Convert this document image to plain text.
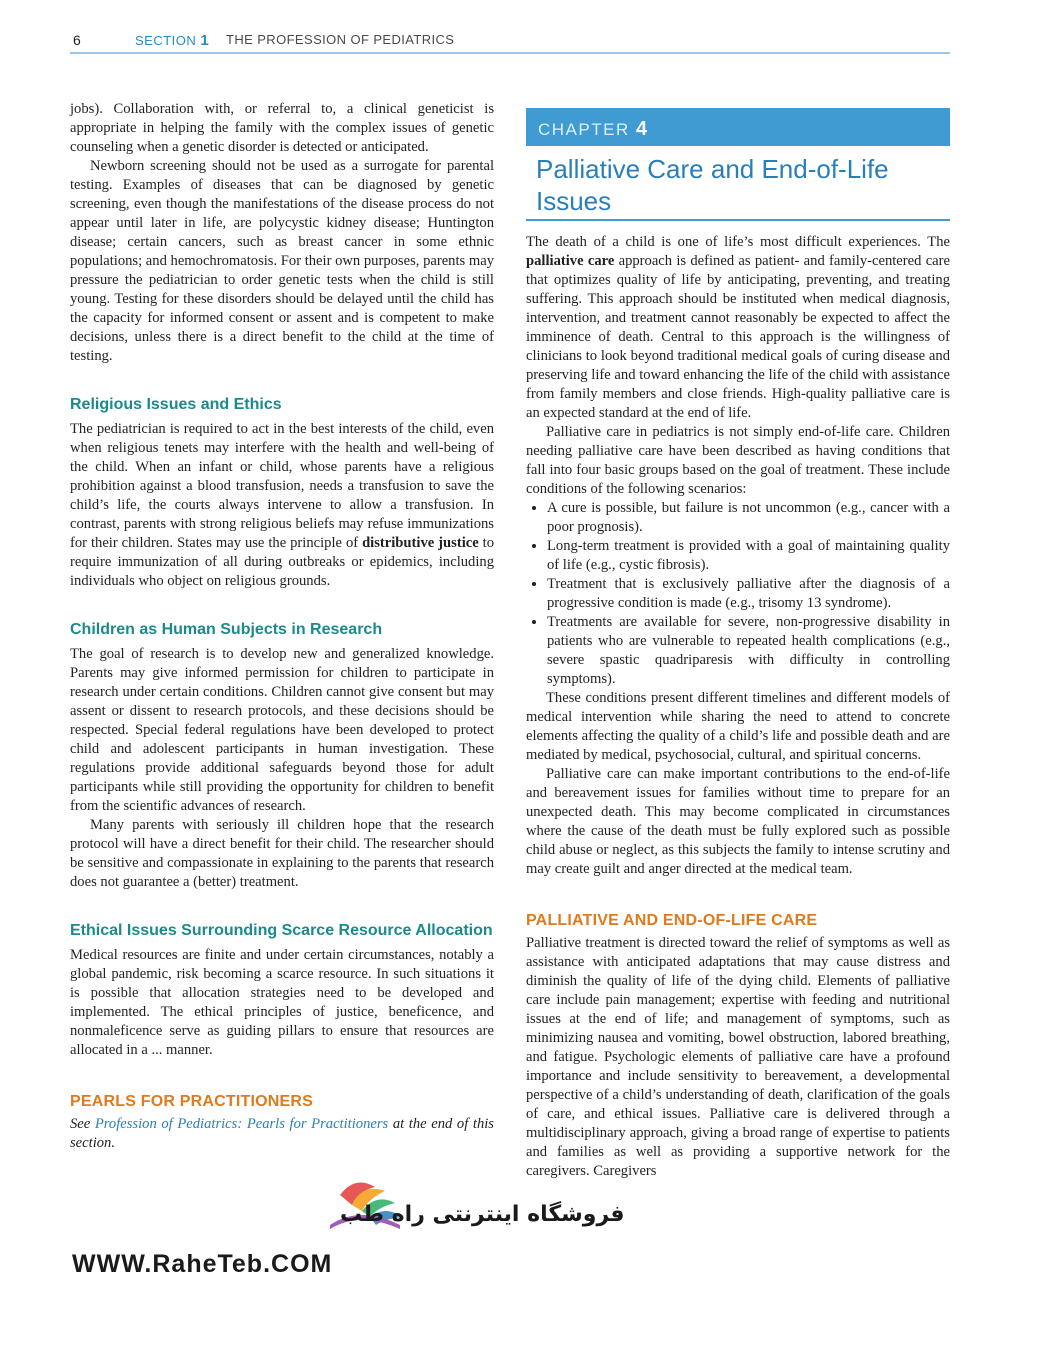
6	SECTION 1 THE PROFESSION OF PEDIATRICS

jobs). Collaboration with, or referral to, a clinical geneticist is appropriate in helping the family with the complex issues of genetic counseling when a genetic disorder is detected or anticipated.

Newborn screening should not be used as a surrogate for parental testing. Examples of diseases that can be diagnosed by genetic screening, even though the manifestations of the disease process do not appear until later in life, are polycystic kidney disease; Huntington disease; certain cancers, such as breast cancer in some ethnic populations; and hemochromatosis. For their own purposes, parents may pressure the pediatrician to order genetic tests when the child is still young. Testing for these disorders should be delayed until the child has the capacity for informed consent or assent and is competent to make decisions, unless there is a direct benefit to the child at the time of testing.

Religious Issues and Ethics

The pediatrician is required to act in the best interests of the child, even when religious tenets may interfere with the health and well-being of the child. When an infant or child, whose parents have a religious prohibition against a blood transfusion, needs a transfusion to save the child’s life, the courts always intervene to allow a transfusion. In contrast, parents with strong religious beliefs may refuse immunizations for their children. States may use the principle of distributive justice to require immunization of all during outbreaks or epidemics, including individuals who object on religious grounds.

Children as Human Subjects in Research

The goal of research is to develop new and generalized knowledge. Parents may give informed permission for children to participate in research under certain conditions. Children cannot give consent but may assent or dissent to research protocols, and these decisions should be respected. Special federal regulations have been developed to protect child and adolescent participants in human investigation. These regulations provide additional safeguards beyond those for adult participants while still providing the opportunity for children to benefit from the scientific advances of research.

Many parents with seriously ill children hope that the research protocol will have a direct benefit for their child. The researcher should be sensitive and compassionate in explaining to the parents that research does not guarantee a (better) treatment.

Ethical Issues Surrounding Scarce Resource Allocation

Medical resources are finite and under certain circumstances, notably a global pandemic, risk becoming a scarce resource. In such situations it is possible that allocation strategies need to be developed and implemented. The ethical principles of justice, beneficence, and nonmaleficence serve as guiding pillars to ensure that resources are allocated in a ... manner.

PEARLS FOR PRACTITIONERS

See Profession of Pediatrics: Pearls for Practitioners at the end of this section.

CHAPTER 4
Palliative Care and End-of-Life Issues

The death of a child is one of life’s most difficult experiences. The palliative care approach is defined as patient- and family-centered care that optimizes quality of life by anticipating, preventing, and treating suffering. This approach should be instituted when medical diagnosis, intervention, and treatment cannot reasonably be expected to affect the imminence of death. Central to this approach is the willingness of clinicians to look beyond traditional medical goals of curing disease and preserving life and toward enhancing the life of the child with assistance from family members and close friends. High-quality palliative care is an expected standard at the end of life.

Palliative care in pediatrics is not simply end-of-life care. Children needing palliative care have been described as having conditions that fall into four basic groups based on the goal of treatment. These include conditions of the following scenarios:

• A cure is possible, but failure is not uncommon (e.g., cancer with a poor prognosis).
• Long-term treatment is provided with a goal of maintaining quality of life (e.g., cystic fibrosis).
• Treatment that is exclusively palliative after the diagnosis of a progressive condition is made (e.g., trisomy 13 syndrome).
• Treatments are available for severe, non-progressive disability in patients who are vulnerable to repeated health complications (e.g., severe spastic quadriparesis with difficulty in controlling symptoms).

These conditions present different timelines and different models of medical intervention while sharing the need to attend to concrete elements affecting the quality of a child’s life and possible death and are mediated by medical, psychosocial, cultural, and spiritual concerns.

Palliative care can make important contributions to the end-of-life and bereavement issues for families without time to prepare for an unexpected death. This may become complicated in circumstances where the cause of the death must be fully explored such as possible child abuse or neglect, as this subjects the family to intense scrutiny and may create guilt and anger directed at the medical team.

PALLIATIVE AND END-OF-LIFE CARE

Palliative treatment is directed toward the relief of symptoms as well as assistance with anticipated adaptations that may cause distress and diminish the quality of life of the dying child. Elements of palliative care include pain management; expertise with feeding and nutritional issues at the end of life; and management of symptoms, such as minimizing nausea and vomiting, bowel obstruction, labored breathing, and fatigue. Psychologic elements of palliative care have a profound importance and include sensitivity to bereavement, a developmental perspective of a child’s understanding of death, clarification of the goals of care, and ethical issues. Palliative care is delivered through a multidisciplinary approach, giving a broad range of expertise to patients and families as well as providing a supportive network for the caregivers. Caregivers

فروشگاه اینترنتی راه طب
WWW.RaheTeb.COM
